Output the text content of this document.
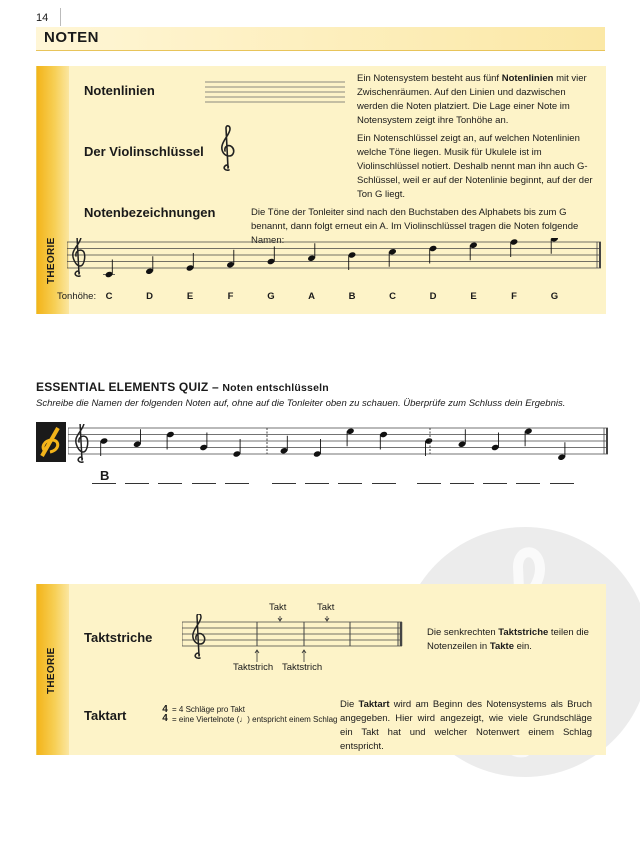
14
NOTEN
THEORIE
Notenlinien
Ein Notensystem besteht aus fünf Notenlinien mit vier Zwischenräumen. Auf den Linien und dazwischen werden die Noten platziert. Die Lage einer Note im Notensystem zeigt ihre Tonhöhe an.
Der Violinschlüssel
Ein Notenschlüssel zeigt an, auf welchen Notenlinien welche Töne liegen. Musik für Ukulele ist im Violinschlüssel notiert. Deshalb nennt man ihn auch G-Schlüssel, weil er auf der Notenlinie beginnt, auf der der Ton G liegt.
Notenbezeichnungen	Die Töne der Tonleiter sind nach den Buchstaben des Alphabets bis zum G benannt, dann folgt erneut ein A. Im Violinschlüssel tragen die Noten folgende Namen:
Tonhöhe: C	D	E	F	G	A	B	C	D	E	F	G
ESSENTIAL ELEMENTS QUIZ – Noten entschlüsseln
Schreibe die Namen der folgenden Noten auf, ohne auf die Tonleiter oben zu schauen. Überprüfe zum Schluss dein Ergebnis.
B
THEORIE
Taktstriche
Takt	Takt
Taktstrich Taktstrich
Die senkrechten Taktstriche teilen die Notenzeilen in Takte ein.
Taktart	4
4
= 4 Schläge pro Takt
= eine Viertelnote (♩) entspricht einem Schlag
Die Taktart wird am Beginn des Notensystems als Bruch angegeben. Hier wird angezeigt, wie viele Grundschläge ein Takt hat und welcher Notenwert einem Schlag entspricht.
